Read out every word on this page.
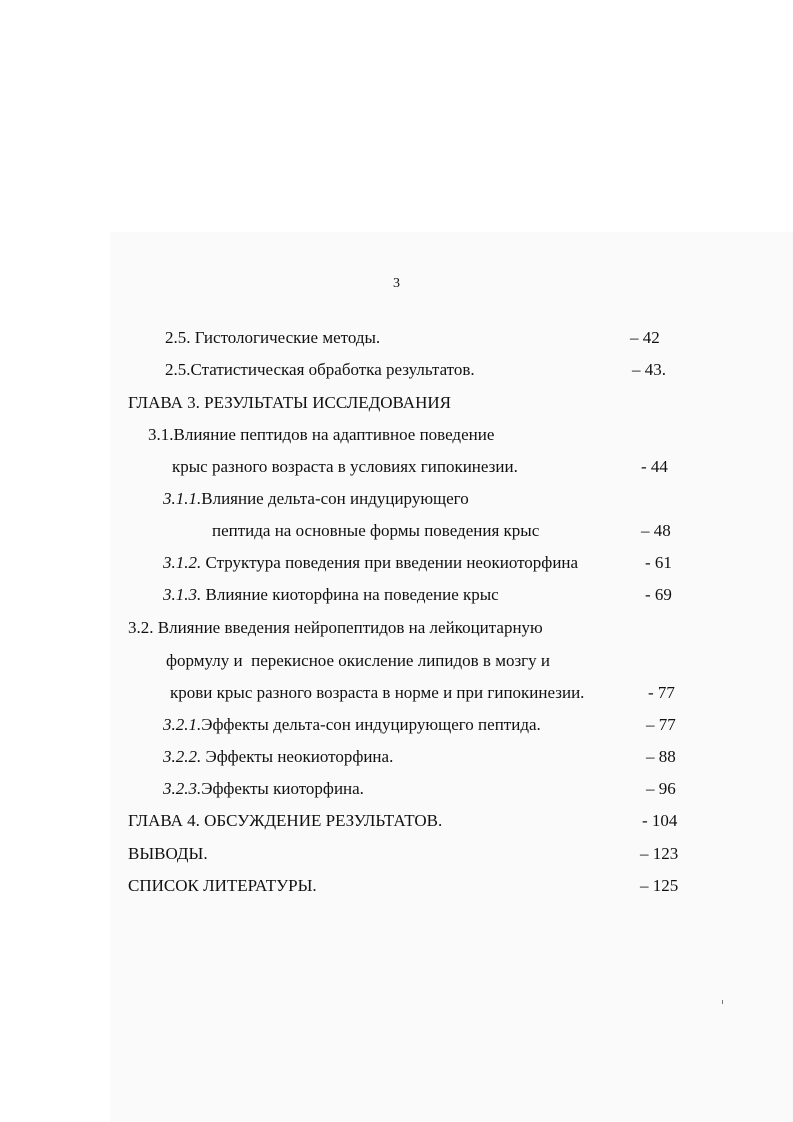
3
2.5. Гистологические методы.	– 42
2.5.Статистическая обработка результатов.	– 43.
ГЛАВА 3. РЕЗУЛЬТАТЫ ИССЛЕДОВАНИЯ
3.1.Влияние пептидов на адаптивное поведение
крыс разного возраста в условиях гипокинезии.	- 44
3.1.1.Влияние дельта-сон индуцирующего
пептида на основные формы поведения крыс	– 48
3.1.2. Структура поведения при введении неокиоторфина	- 61
3.1.3. Влияние киоторфина на поведение крыс	- 69
3.2. Влияние введения нейропептидов на лейкоцитарную
формулу и  перекисное окисление липидов в мозгу и
крови крыс разного возраста в норме и при гипокинезии.	- 77
3.2.1.Эффекты дельта-сон индуцирующего пептида.	– 77
3.2.2. Эффекты неокиоторфина.	– 88
3.2.3.Эффекты киоторфина.	– 96
ГЛАВА 4. ОБСУЖДЕНИЕ РЕЗУЛЬТАТОВ.	- 104
ВЫВОДЫ.	– 123
СПИСОК ЛИТЕРАТУРЫ.	– 125
